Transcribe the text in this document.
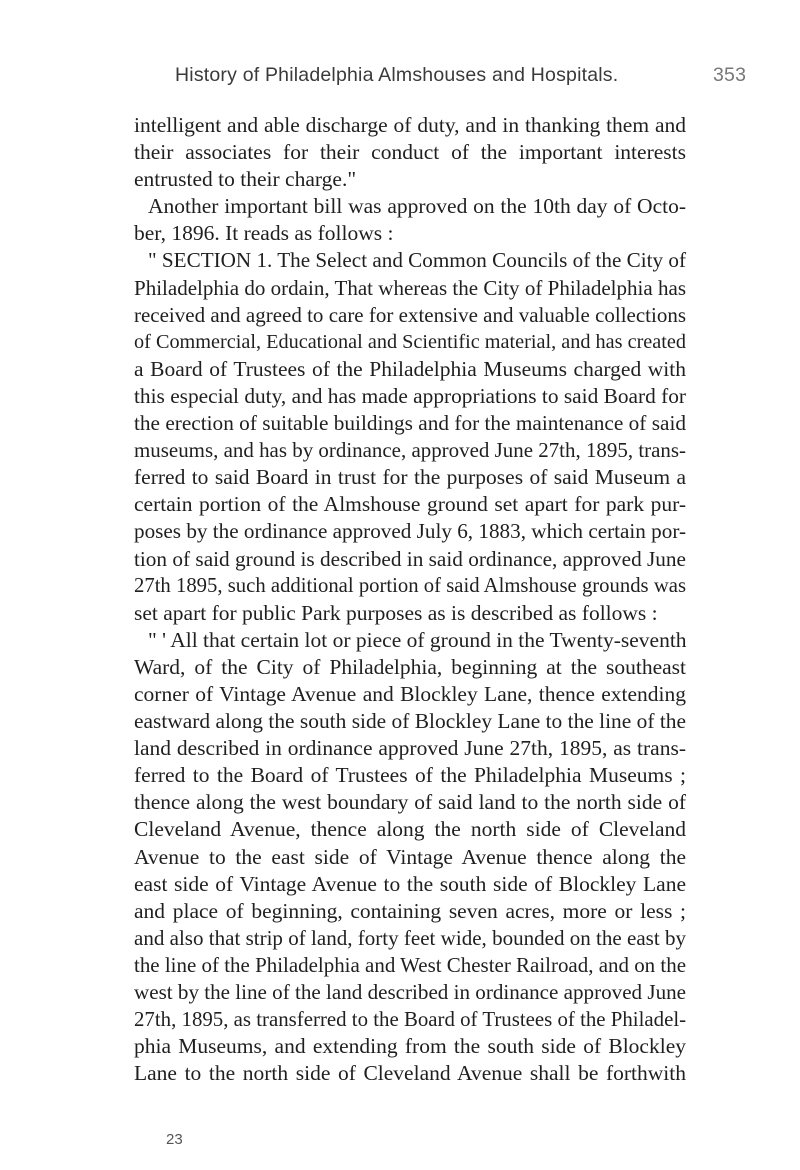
History of Philadelphia Almshouses and Hospitals.	353
intelligent and able discharge of duty, and in thanking them and
their associates for their conduct of the important interests
entrusted to their charge."
Another important bill was approved on the 10th day of Octo-
ber, 1896. It reads as follows :
" SECTION 1. The Select and Common Councils of the City of
Philadelphia do ordain, That whereas the City of Philadelphia has
received and agreed to care for extensive and valuable collections
of Commercial, Educational and Scientific material, and has created
a Board of Trustees of the Philadelphia Museums charged with
this especial duty, and has made appropriations to said Board for
the erection of suitable buildings and for the maintenance of said
museums, and has by ordinance, approved June 27th, 1895, trans-
ferred to said Board in trust for the purposes of said Museum a
certain portion of the Almshouse ground set apart for park pur-
poses by the ordinance approved July 6, 1883, which certain por-
tion of said ground is described in said ordinance, approved June
27th 1895, such additional portion of said Almshouse grounds was
set apart for public Park purposes as is described as follows :
" ' All that certain lot or piece of ground in the Twenty-seventh
Ward, of the City of Philadelphia, beginning at the southeast
corner of Vintage Avenue and Blockley Lane, thence extending
eastward along the south side of Blockley Lane to the line of the
land described in ordinance approved June 27th, 1895, as trans-
ferred to the Board of Trustees of the Philadelphia Museums ;
thence along the west boundary of said land to the north side of
Cleveland Avenue, thence along the north side of Cleveland
Avenue to the east side of Vintage Avenue thence along the
east side of Vintage Avenue to the south side of Blockley Lane
and place of beginning, containing seven acres, more or less ;
and also that strip of land, forty feet wide, bounded on the east by
the line of the Philadelphia and West Chester Railroad, and on the
west by the line of the land described in ordinance approved June
27th, 1895, as transferred to the Board of Trustees of the Philadel-
phia Museums, and extending from the south side of Blockley
Lane to the north side of Cleveland Avenue shall be forthwith
23
